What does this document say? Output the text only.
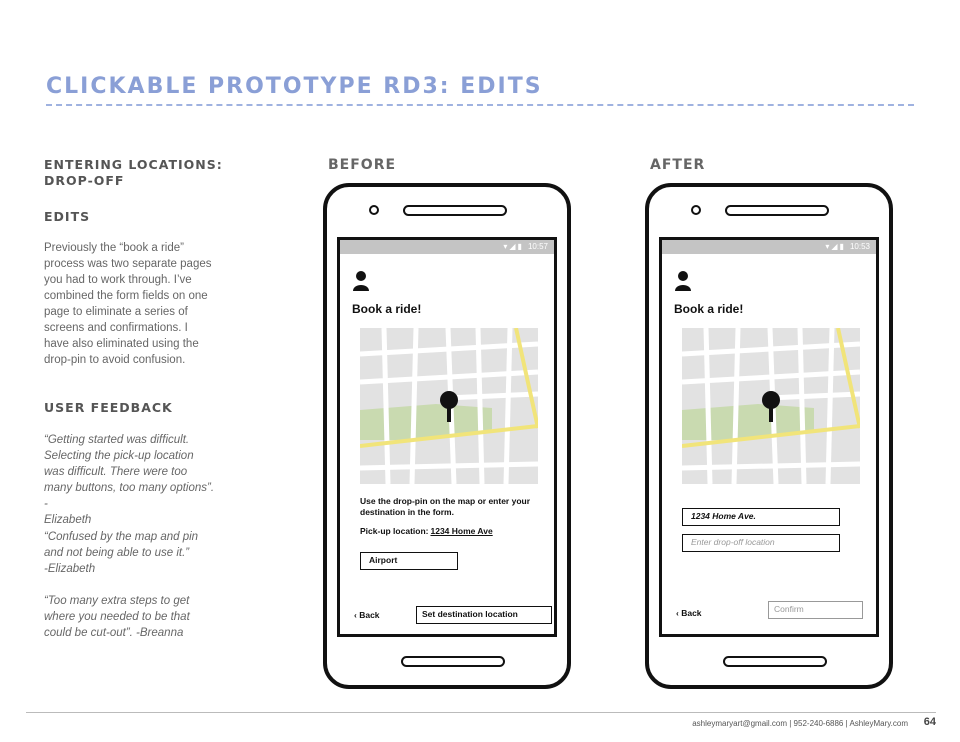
CLICKABLE PROTOTYPE RD3: EDITS
ENTERING LOCATIONS:
DROP-OFF
EDITS
Previously the “book a ride” process was two separate pages you had to work through. I’ve combined the form fields on one page to eliminate a series of screens and confirmations. I have also eliminated using the drop-pin to avoid confusion.
USER FEEDBACK
“Getting started was difficult. Selecting the pick-up location was difficult. There were too many buttons, too many options”. -
Elizabeth
“Confused by the map and pin and not being able to use it.”
-Elizabeth
“Too many extra steps to get where you needed to be that could be cut-out”. -Breanna
BEFORE	AFTER
▾◢▮ 10:57
Book a ride!
Use the drop-pin on the map or enter your destination in the form.
Pick-up location: 1234 Home Ave
Airport
‹ Back	Set destination location
▾◢▮ 10:53
Book a ride!
1234 Home Ave.
Enter drop-off location
‹ Back	Confirm
ashleymaryart@gmail.com | 952-240-6886 | AshleyMary.com 64
